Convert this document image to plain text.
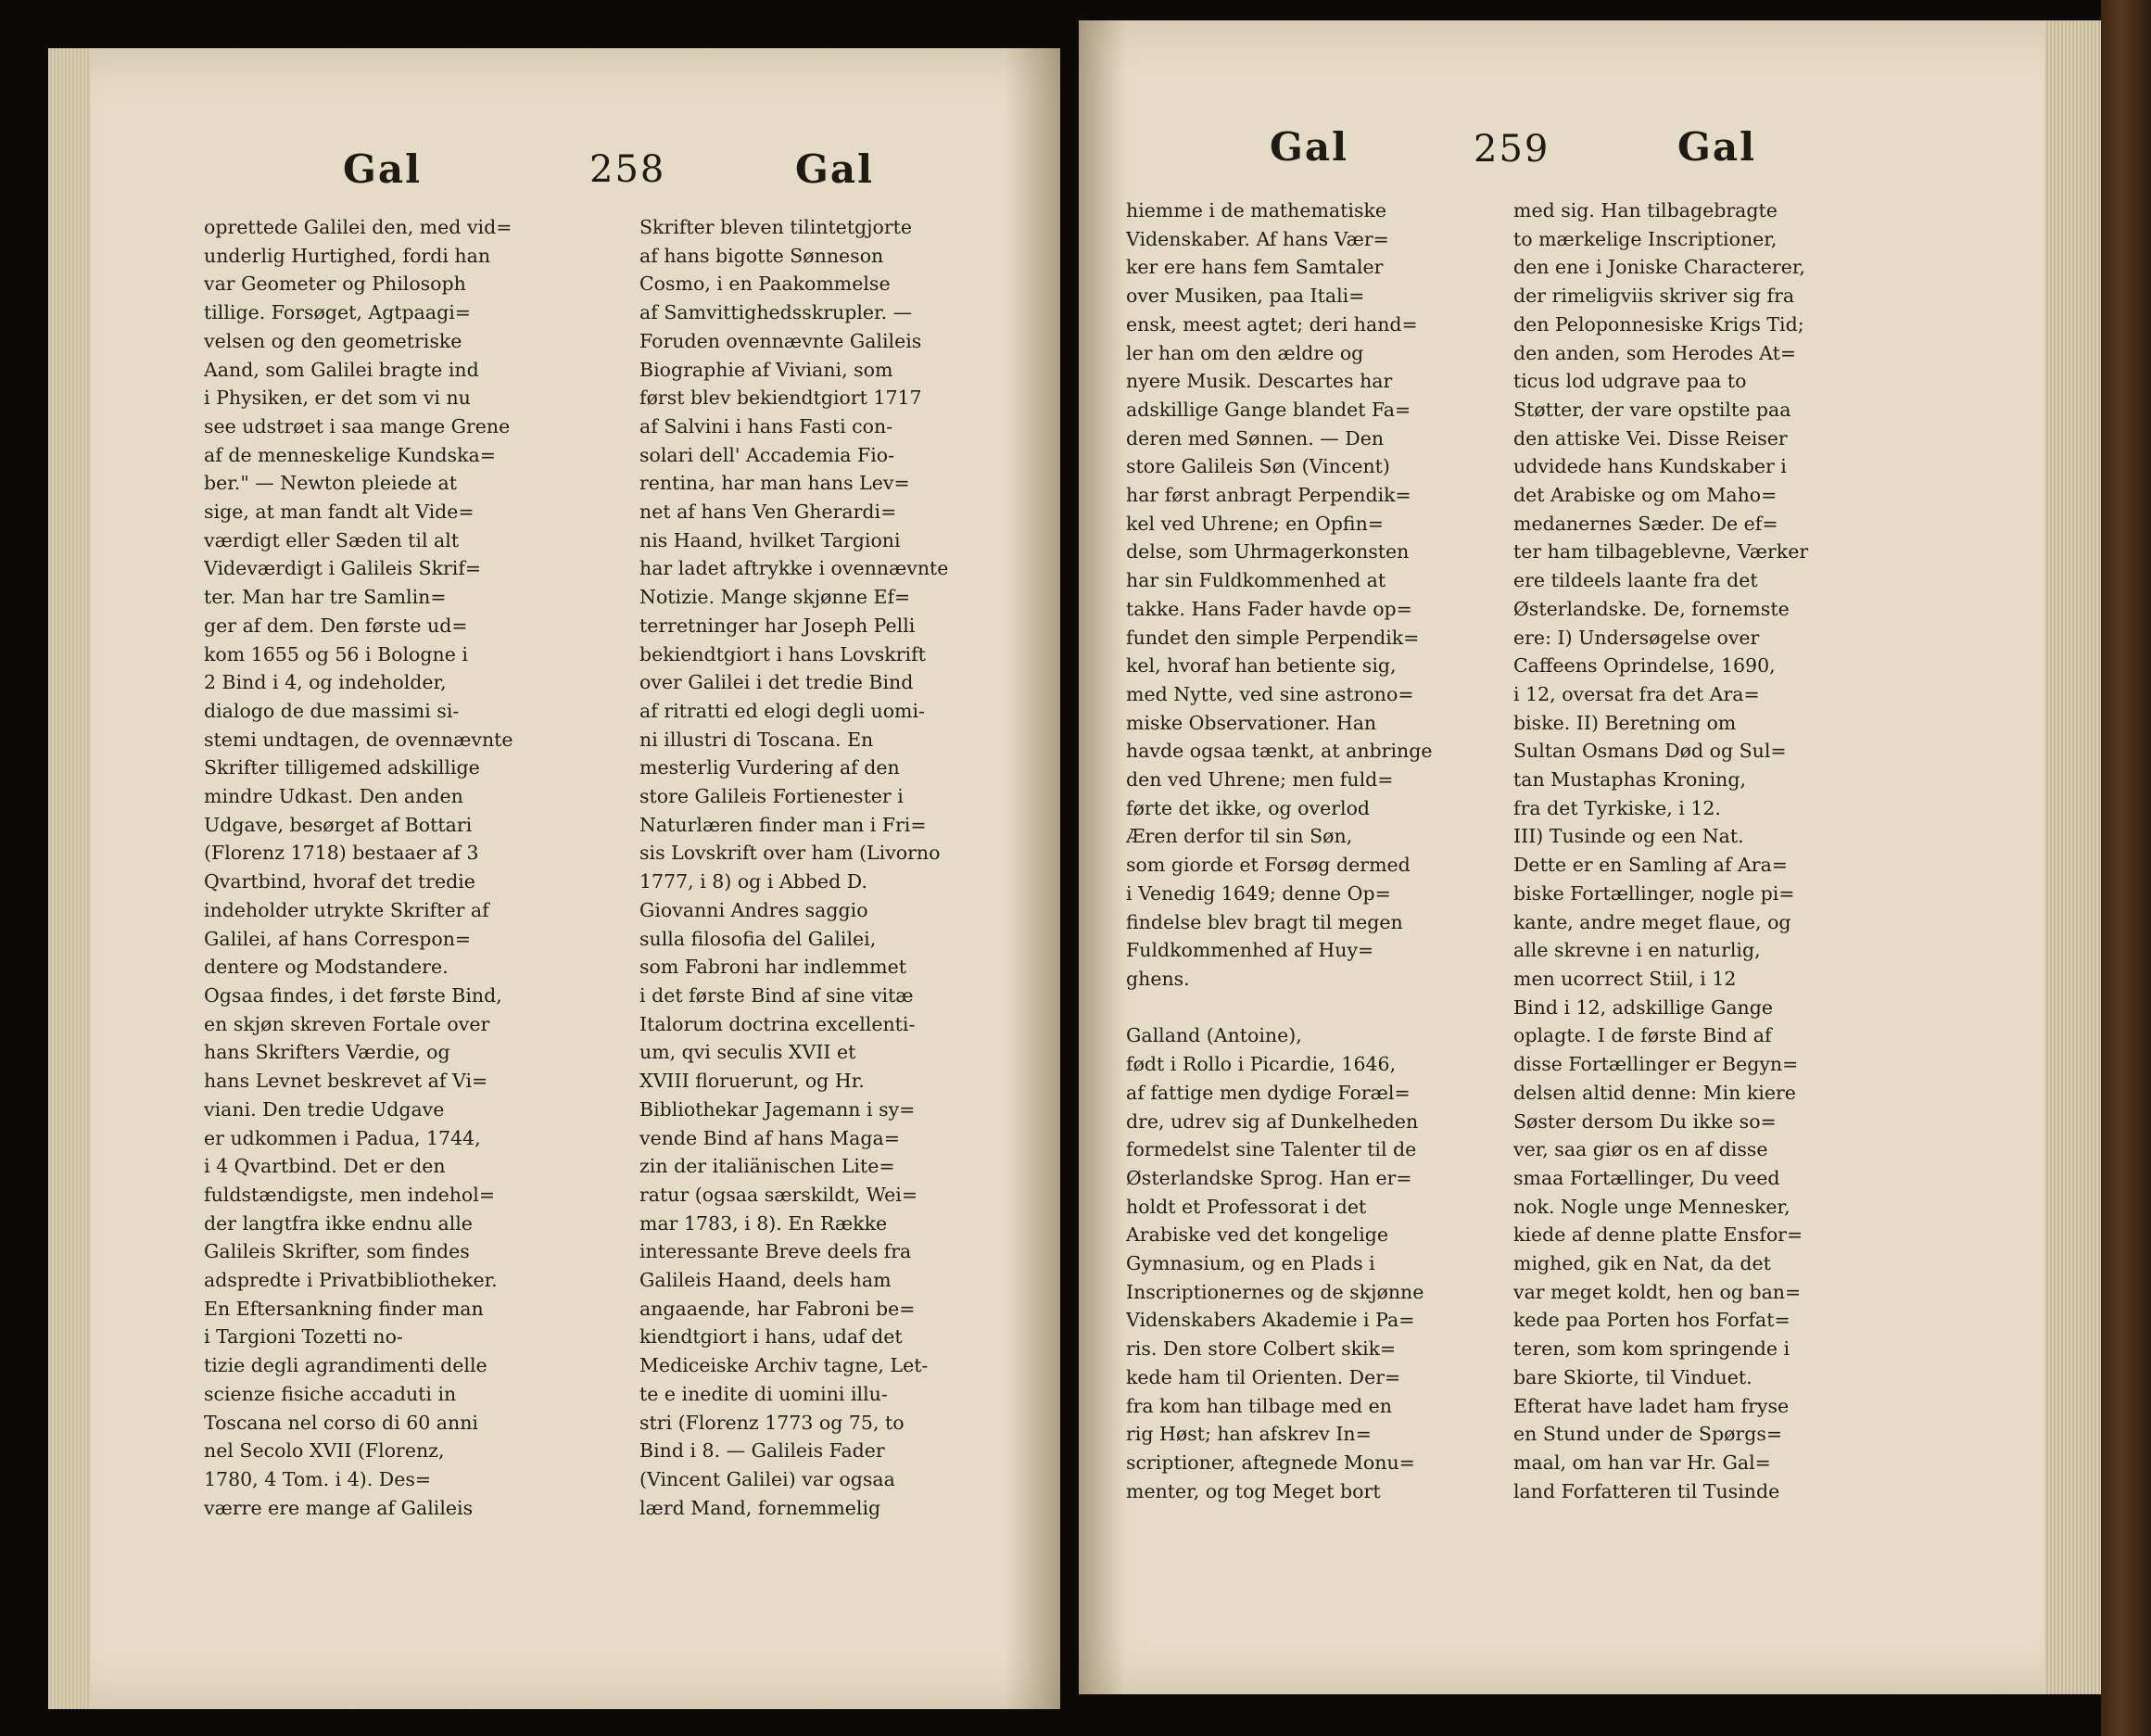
Gal	258	Gal	Gal	259	Gal
oprettede Galilei den, med vid=
underlig Hurtighed, fordi han
var Geometer og Philosoph
tillige. Forsøget, Agtpaagi=
velsen og den geometriske
Aand, som Galilei bragte ind
i Physiken, er det som vi nu
see udstrøet i saa mange Grene
af de menneskelige Kundska=
ber." — Newton pleiede at
sige, at man fandt alt Vide=
værdigt eller Sæden til alt
Videværdigt i Galileis Skrif=
ter. Man har tre Samlin=
ger af dem. Den første ud=
kom 1655 og 56 i Bologne i
2 Bind i 4, og indeholder,
dialogo de due massimi si-
stemi undtagen, de ovennævnte
Skrifter tilligemed adskillige
mindre Udkast. Den anden
Udgave, besørget af Bottari
(Florenz 1718) bestaaer af 3
Qvartbind, hvoraf det tredie
indeholder utrykte Skrifter af
Galilei, af hans Correspon=
dentere og Modstandere.
Ogsaa findes, i det første Bind,
en skjøn skreven Fortale over
hans Skrifters Værdie, og
hans Levnet beskrevet af Vi=
viani. Den tredie Udgave
er udkommen i Padua, 1744,
i 4 Qvartbind. Det er den
fuldstændigste, men indehol=
der langtfra ikke endnu alle
Galileis Skrifter, som findes
adspredte i Privatbibliotheker.
En Eftersankning finder man
i Targioni Tozetti no-
tizie degli agrandimenti delle
scienze fisiche accaduti in
Toscana nel corso di 60 anni
nel Secolo XVII (Florenz,
1780, 4 Tom. i 4). Des=
værre ere mange af Galileis
Skrifter bleven tilintetgjorte
af hans bigotte Sønneson
Cosmo, i en Paakommelse
af Samvittighedsskrupler. —
Foruden ovennævnte Galileis
Biographie af Viviani, som
først blev bekiendtgiort 1717
af Salvini i hans Fasti con-
solari dell' Accademia Fio-
rentina, har man hans Lev=
net af hans Ven Gherardi=
nis Haand, hvilket Targioni
har ladet aftrykke i ovennævnte
Notizie. Mange skjønne Ef=
terretninger har Joseph Pelli
bekiendtgiort i hans Lovskrift
over Galilei i det tredie Bind
af ritratti ed elogi degli uomi-
ni illustri di Toscana. En
mesterlig Vurdering af den
store Galileis Fortienester i
Naturlæren finder man i Fri=
sis Lovskrift over ham (Livorno
1777, i 8) og i Abbed D.
Giovanni Andres saggio
sulla filosofia del Galilei,
som Fabroni har indlemmet
i det første Bind af sine vitæ
Italorum doctrina excellenti-
um, qvi seculis XVII et
XVIII floruerunt, og Hr.
Bibliothekar Jagemann i sy=
vende Bind af hans Maga=
zin der italiänischen Lite=
ratur (ogsaa særskildt, Wei=
mar 1783, i 8). En Række
interessante Breve deels fra
Galileis Haand, deels ham
angaaende, har Fabroni be=
kiendtgiort i hans, udaf det
Mediceiske Archiv tagne, Let-
te e inedite di uomini illu-
stri (Florenz 1773 og 75, to
Bind i 8. — Galileis Fader
(Vincent Galilei) var ogsaa
lærd Mand, fornemmelig
hiemme i de mathematiske
Videnskaber. Af hans Vær=
ker ere hans fem Samtaler
over Musiken, paa Itali=
ensk, meest agtet; deri hand=
ler han om den ældre og
nyere Musik. Descartes har
adskillige Gange blandet Fa=
deren med Sønnen. — Den
store Galileis Søn (Vincent)
har først anbragt Perpendik=
kel ved Uhrene; en Opfin=
delse, som Uhrmagerkonsten
har sin Fuldkommenhed at
takke. Hans Fader havde op=
fundet den simple Perpendik=
kel, hvoraf han betiente sig,
med Nytte, ved sine astrono=
miske Observationer. Han
havde ogsaa tænkt, at anbringe
den ved Uhrene; men fuld=
førte det ikke, og overlod
Æren derfor til sin Søn,
som giorde et Forsøg dermed
i Venedig 1649; denne Op=
findelse blev bragt til megen
Fuldkommenhed af Huy=
ghens.

Galland (Antoine),
født i Rollo i Picardie, 1646,
af fattige men dydige Foræl=
dre, udrev sig af Dunkelheden
formedelst sine Talenter til de
Østerlandske Sprog. Han er=
holdt et Professorat i det
Arabiske ved det kongelige
Gymnasium, og en Plads i
Inscriptionernes og de skjønne
Videnskabers Akademie i Pa=
ris. Den store Colbert skik=
kede ham til Orienten. Der=
fra kom han tilbage med en
rig Høst; han afskrev In=
scriptioner, aftegnede Monu=
menter, og tog Meget bort
med sig. Han tilbagebragte
to mærkelige Inscriptioner,
den ene i Joniske Characterer,
der rimeligviis skriver sig fra
den Peloponnesiske Krigs Tid;
den anden, som Herodes At=
ticus lod udgrave paa to
Støtter, der vare opstilte paa
den attiske Vei. Disse Reiser
udvidede hans Kundskaber i
det Arabiske og om Maho=
medanernes Sæder. De ef=
ter ham tilbageblevne, Værker
ere tildeels laante fra det
Østerlandske. De, fornemste
ere: I) Undersøgelse over
Caffeens Oprindelse, 1690,
i 12, oversat fra det Ara=
biske. II) Beretning om
Sultan Osmans Død og Sul=
tan Mustaphas Kroning,
fra det Tyrkiske, i 12.
III) Tusinde og een Nat.
Dette er en Samling af Ara=
biske Fortællinger, nogle pi=
kante, andre meget flaue, og
alle skrevne i en naturlig,
men ucorrect Stiil, i 12
Bind i 12, adskillige Gange
oplagte. I de første Bind af
disse Fortællinger er Begyn=
delsen altid denne: Min kiere
Søster dersom Du ikke so=
ver, saa giør os en af disse
smaa Fortællinger, Du veed
nok. Nogle unge Mennesker,
kiede af denne platte Ensfor=
mighed, gik en Nat, da det
var meget koldt, hen og ban=
kede paa Porten hos Forfat=
teren, som kom springende i
bare Skiorte, til Vinduet.
Efterat have ladet ham fryse
en Stund under de Spørgs=
maal, om han var Hr. Gal=
land Forfatteren til Tusinde
